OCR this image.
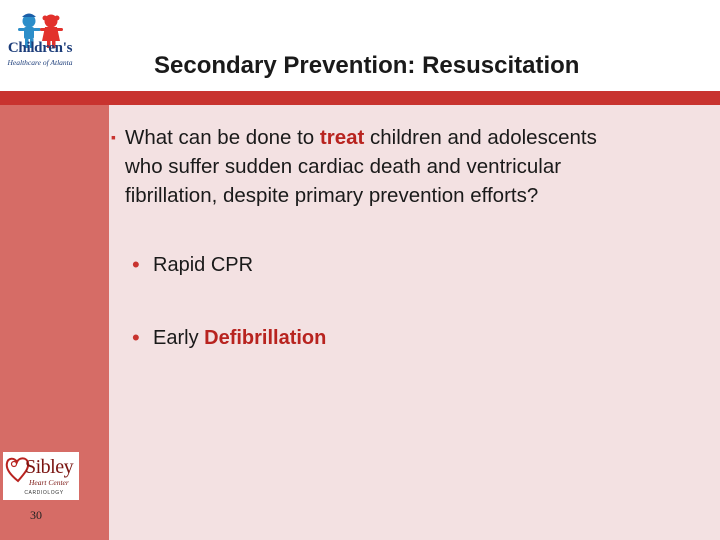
Children's
Healthcare of Atlanta	Secondary Prevention: Resuscitation
▪ What can be done to treat children and adolescents
who suffer sudden cardiac death and ventricular
fibrillation, despite primary prevention efforts?
• Rapid CPR
• Early Defibrillation
Sibley
Heart Center
CARDIOLOGY
30
